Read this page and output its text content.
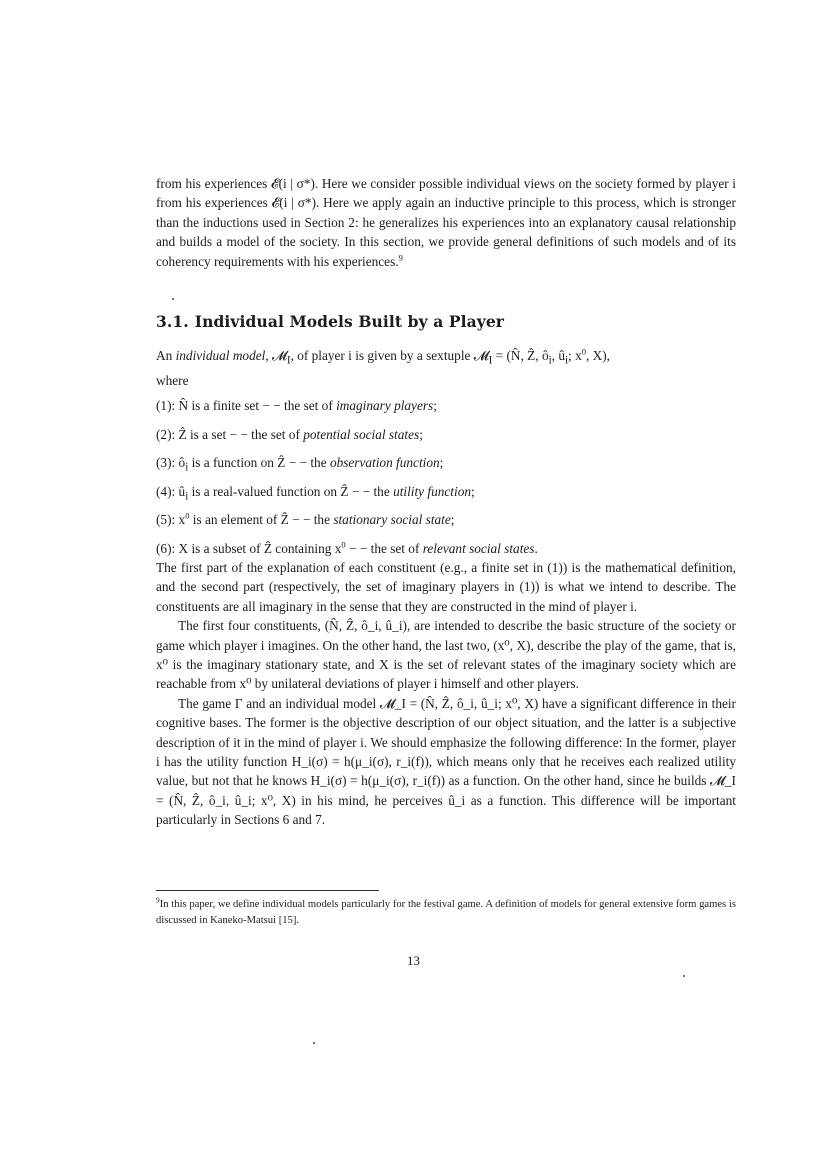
from his experiences 𝓔(i | σ*). Here we consider possible individual views on the society formed by player i from his experiences 𝓔(i | σ*). Here we apply again an inductive principle to this process, which is stronger than the inductions used in Section 2: he generalizes his experiences into an explanatory causal relationship and builds a model of the society. In this section, we provide general definitions of such models and of its coherency requirements with his experiences.$^9$
3.1. Individual Models Built by a Player
An individual model, 𝓜$_I$, of player i is given by a sextuple 𝓜$_I$ = (N̂, Ẑ, $ô_i$, $û_i$; $x^0$, X),
where
(1): N̂ is a finite set − − the set of imaginary players;
(2): Ẑ is a set − − the set of potential social states;
(3): $ô_i$ is a function on Ẑ − − the observation function;
(4): $û_i$ is a real-valued function on Ẑ − − the utility function;
(5): $x^0$ is an element of Ẑ − − the stationary social state;
(6): X is a subset of Ẑ containing $x^0$ − − the set of relevant social states.

The first part of the explanation of each constituent (e.g., a finite set in (1)) is the mathematical definition, and the second part (respectively, the set of imaginary players in (1)) is what we intend to describe. The constituents are all imaginary in the sense that they are constructed in the mind of player i.

The first four constituents, (N̂, Ẑ, ô_i, û_i), are intended to describe the basic structure of the society or game which player i imagines. On the other hand, the last two, (x⁰, X), describe the play of the game, that is, x⁰ is the imaginary stationary state, and X is the set of relevant states of the imaginary society which are reachable from x⁰ by unilateral deviations of player i himself and other players.

The game Γ and an individual model 𝓜_I = (N̂, Ẑ, ô_i, û_i; x⁰, X) have a significant difference in their cognitive bases. The former is the objective description of our object situation, and the latter is a subjective description of it in the mind of player i. We should emphasize the following difference: In the former, player i has the utility function H_i(σ) = h(μ_i(σ), r_i(f)), which means only that he receives each realized utility value, but not that he knows H_i(σ) = h(μ_i(σ), r_i(f)) as a function. On the other hand, since he builds 𝓜_I = (N̂, Ẑ, ô_i, û_i; x⁰, X) in his mind, he perceives û_i as a function. This difference will be important particularly in Sections 6 and 7.

$^9$In this paper, we define individual models particularly for the festival game. A definition of models for general extensive form games is discussed in Kaneko-Matsui [15].
13
